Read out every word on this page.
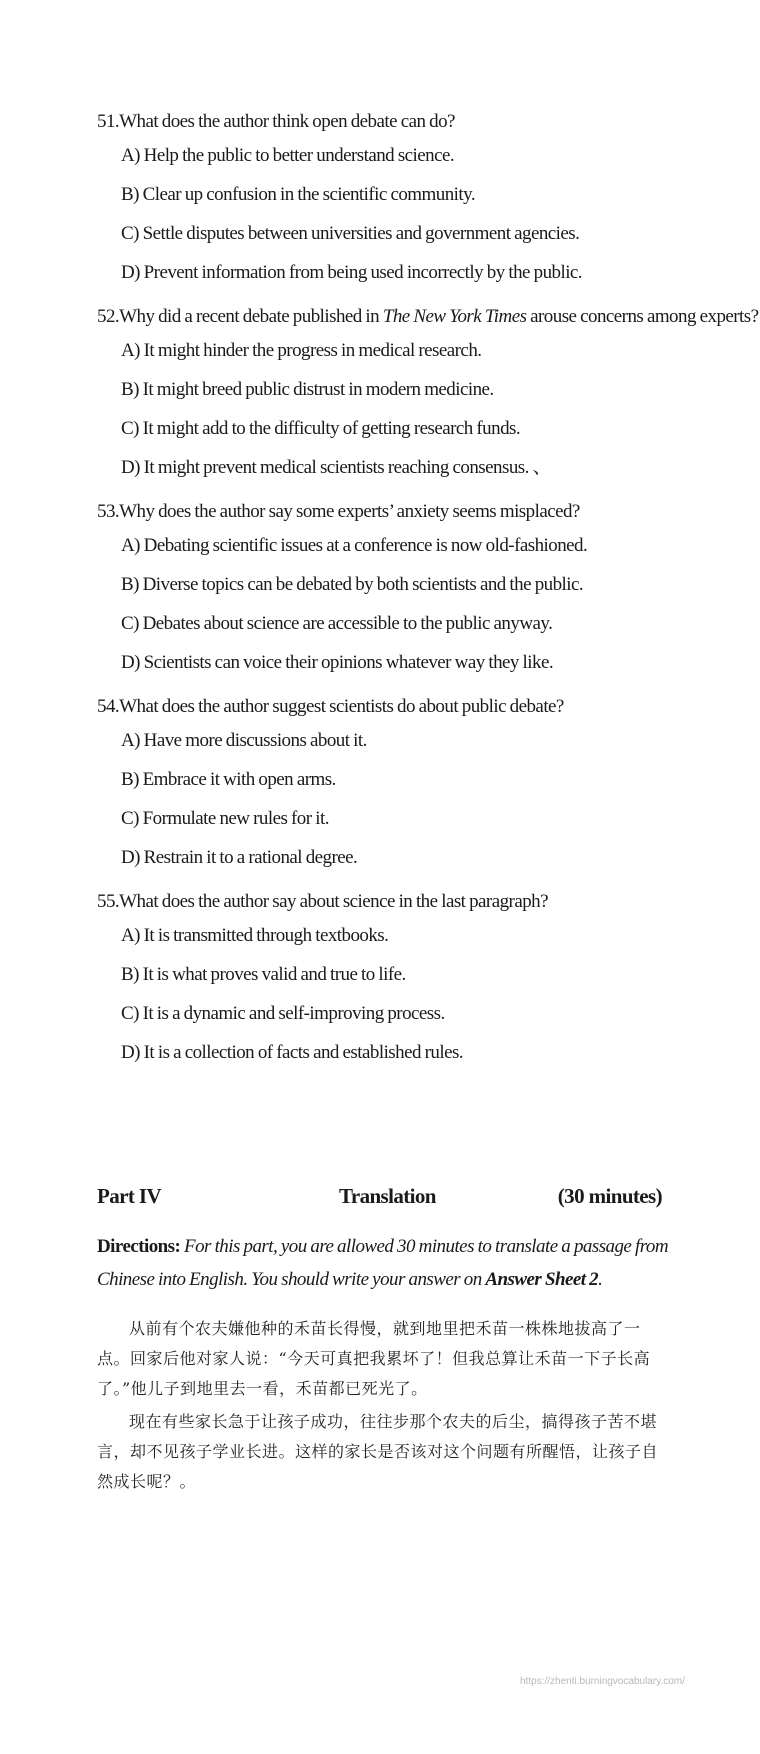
51.What does the author think open debate can do?
A) Help the public to better understand science.
B) Clear up confusion in the scientific community.
C) Settle disputes between universities and government agencies.
D) Prevent information from being used incorrectly by the public.
52.Why did a recent debate published in The New York Times arouse concerns among experts?
A) It might hinder the progress in medical research.
B) It might breed public distrust in modern medicine.
C) It might add to the difficulty of getting research funds.
D) It might prevent medical scientists reaching consensus. 、
53.Why does the author say some experts’ anxiety seems misplaced?
A) Debating scientific issues at a conference is now old-fashioned.
B) Diverse topics can be debated by both scientists and the public.
C) Debates about science are accessible to the public anyway.
D) Scientists can voice their opinions whatever way they like.
54.What does the author suggest scientists do about public debate?
A) Have more discussions about it.
B) Embrace it with open arms.
C) Formulate new rules for it.
D) Restrain it to a rational degree.
55.What does the author say about science in the last paragraph?
A) It is transmitted through textbooks.
B) It is what proves valid and true to life.
C) It is a dynamic and self-improving process.
D) It is a collection of facts and established rules.
Part IV	Translation	(30 minutes)
Directions: For this part, you are allowed 30 minutes to translate a passage from Chinese into English. You should write your answer on Answer Sheet 2.

从前有个农夫嫌他种的禾苗长得慢，就到地里把禾苗一株株地拔高了一点。回家后他对家人说：“今天可真把我累坏了！但我总算让禾苗一下子长高了。”他儿子到地里去一看，禾苗都已死光了。

现在有些家长急于让孩子成功，往往步那个农夫的后尘，搞得孩子苦不堪言，却不见孩子学业长进。这样的家长是否该对这个问题有所醒悟，让孩子自然成长呢？。

https://zhenti.burningvocabulary.com/
